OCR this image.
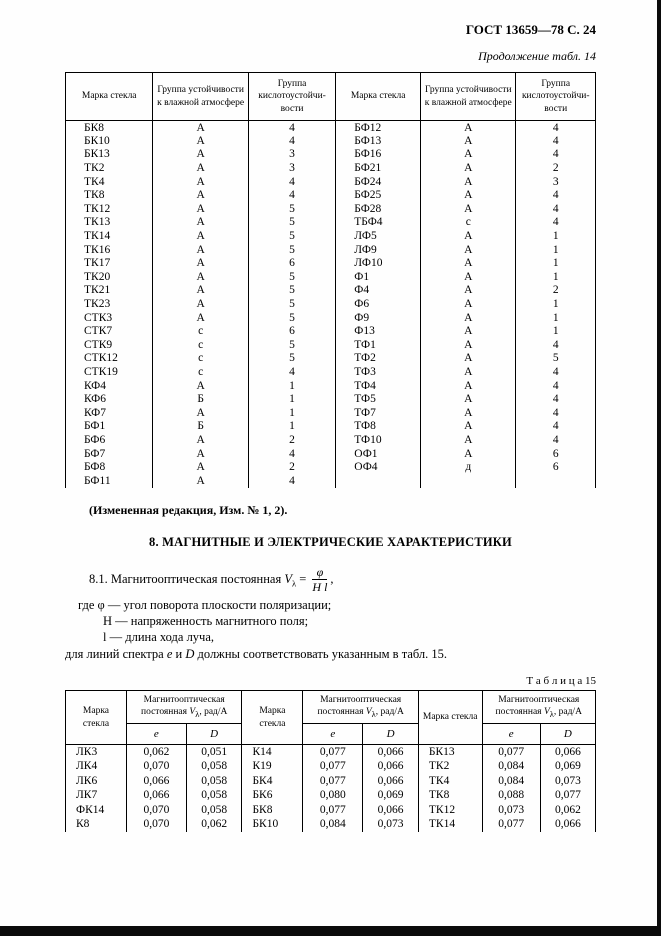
ГОСТ 13659—78 С. 24
Продолжение табл. 14
Марка стекла	Группа устойчивости к влажной атмосфере	Группа кислотоустойчи-вости	Марка стекла	Группа устойчивости к влажной атмосфере	Группа кислотоустойчи-вости
БК8	А	4	БФ12	А	4
БК10	А	4	БФ13	А	4
БК13	А	3	БФ16	А	4
ТК2	А	3	БФ21	А	2
ТК4	А	4	БФ24	А	3
ТК8	А	4	БФ25	А	4
ТК12	А	5	БФ28	А	4
ТК13	А	5	ТБФ4	с	4
ТК14	А	5	ЛФ5	А	1
ТК16	А	5	ЛФ9	А	1
ТК17	А	6	ЛФ10	А	1
ТК20	А	5	Ф1	А	1
ТК21	А	5	Ф4	А	2
ТК23	А	5	Ф6	А	1
СТК3	А	5	Ф9	А	1
СТК7	с	6	Ф13	А	1
СТК9	с	5	ТФ1	А	4
СТК12	с	5	ТФ2	А	5
СТК19	с	4	ТФ3	А	4
КФ4	А	1	ТФ4	А	4
КФ6	Б	1	ТФ5	А	4
КФ7	А	1	ТФ7	А	4
БФ1	Б	1	ТФ8	А	4
БФ6	А	2	ТФ10	А	4
БФ7	А	4	ОФ1	А	6
БФ8	А	2	ОФ4	д	6
БФ11	А	4			

(Измененная редакция, Изм. № 1, 2).

8. МАГНИТНЫЕ И ЭЛЕКТРИЧЕСКИЕ ХАРАКТЕРИСТИКИ
8.1. Магнитооптическая постоянная $V_\lambda = \frac{\varphi}{\text{H l}}$ ,
где φ — угол поворота плоскости поляризации;
Н — напряженность магнитного поля;
l — длина хода луча,
для линий спектра е и D должны соответствовать указанным в табл. 15.
Т а б л и ц а 15
Марка стекла	Магнитооптическая постоянная $V_\lambda$, рад/А		Марка стекла	Магнитооптическая постоянная $V_\lambda$, рад/А		Марка стекла	Магнитооптическая постоянная $V_\lambda$, рад/А	
	е	D		е	D		е	D
ЛК3	0,062	0,051	К14	0,077	0,066	БК13	0,077	0,066
ЛК4	0,070	0,058	К19	0,077	0,066	ТК2	0,084	0,069
ЛК6	0,066	0,058	БК4	0,077	0,066	ТК4	0,084	0,073
ЛК7	0,066	0,058	БК6	0,080	0,069	ТК8	0,088	0,077
ФК14	0,070	0,058	БК8	0,077	0,066	ТК12	0,073	0,062
К8	0,070	0,062	БК10	0,084	0,073	ТК14	0,077	0,066
